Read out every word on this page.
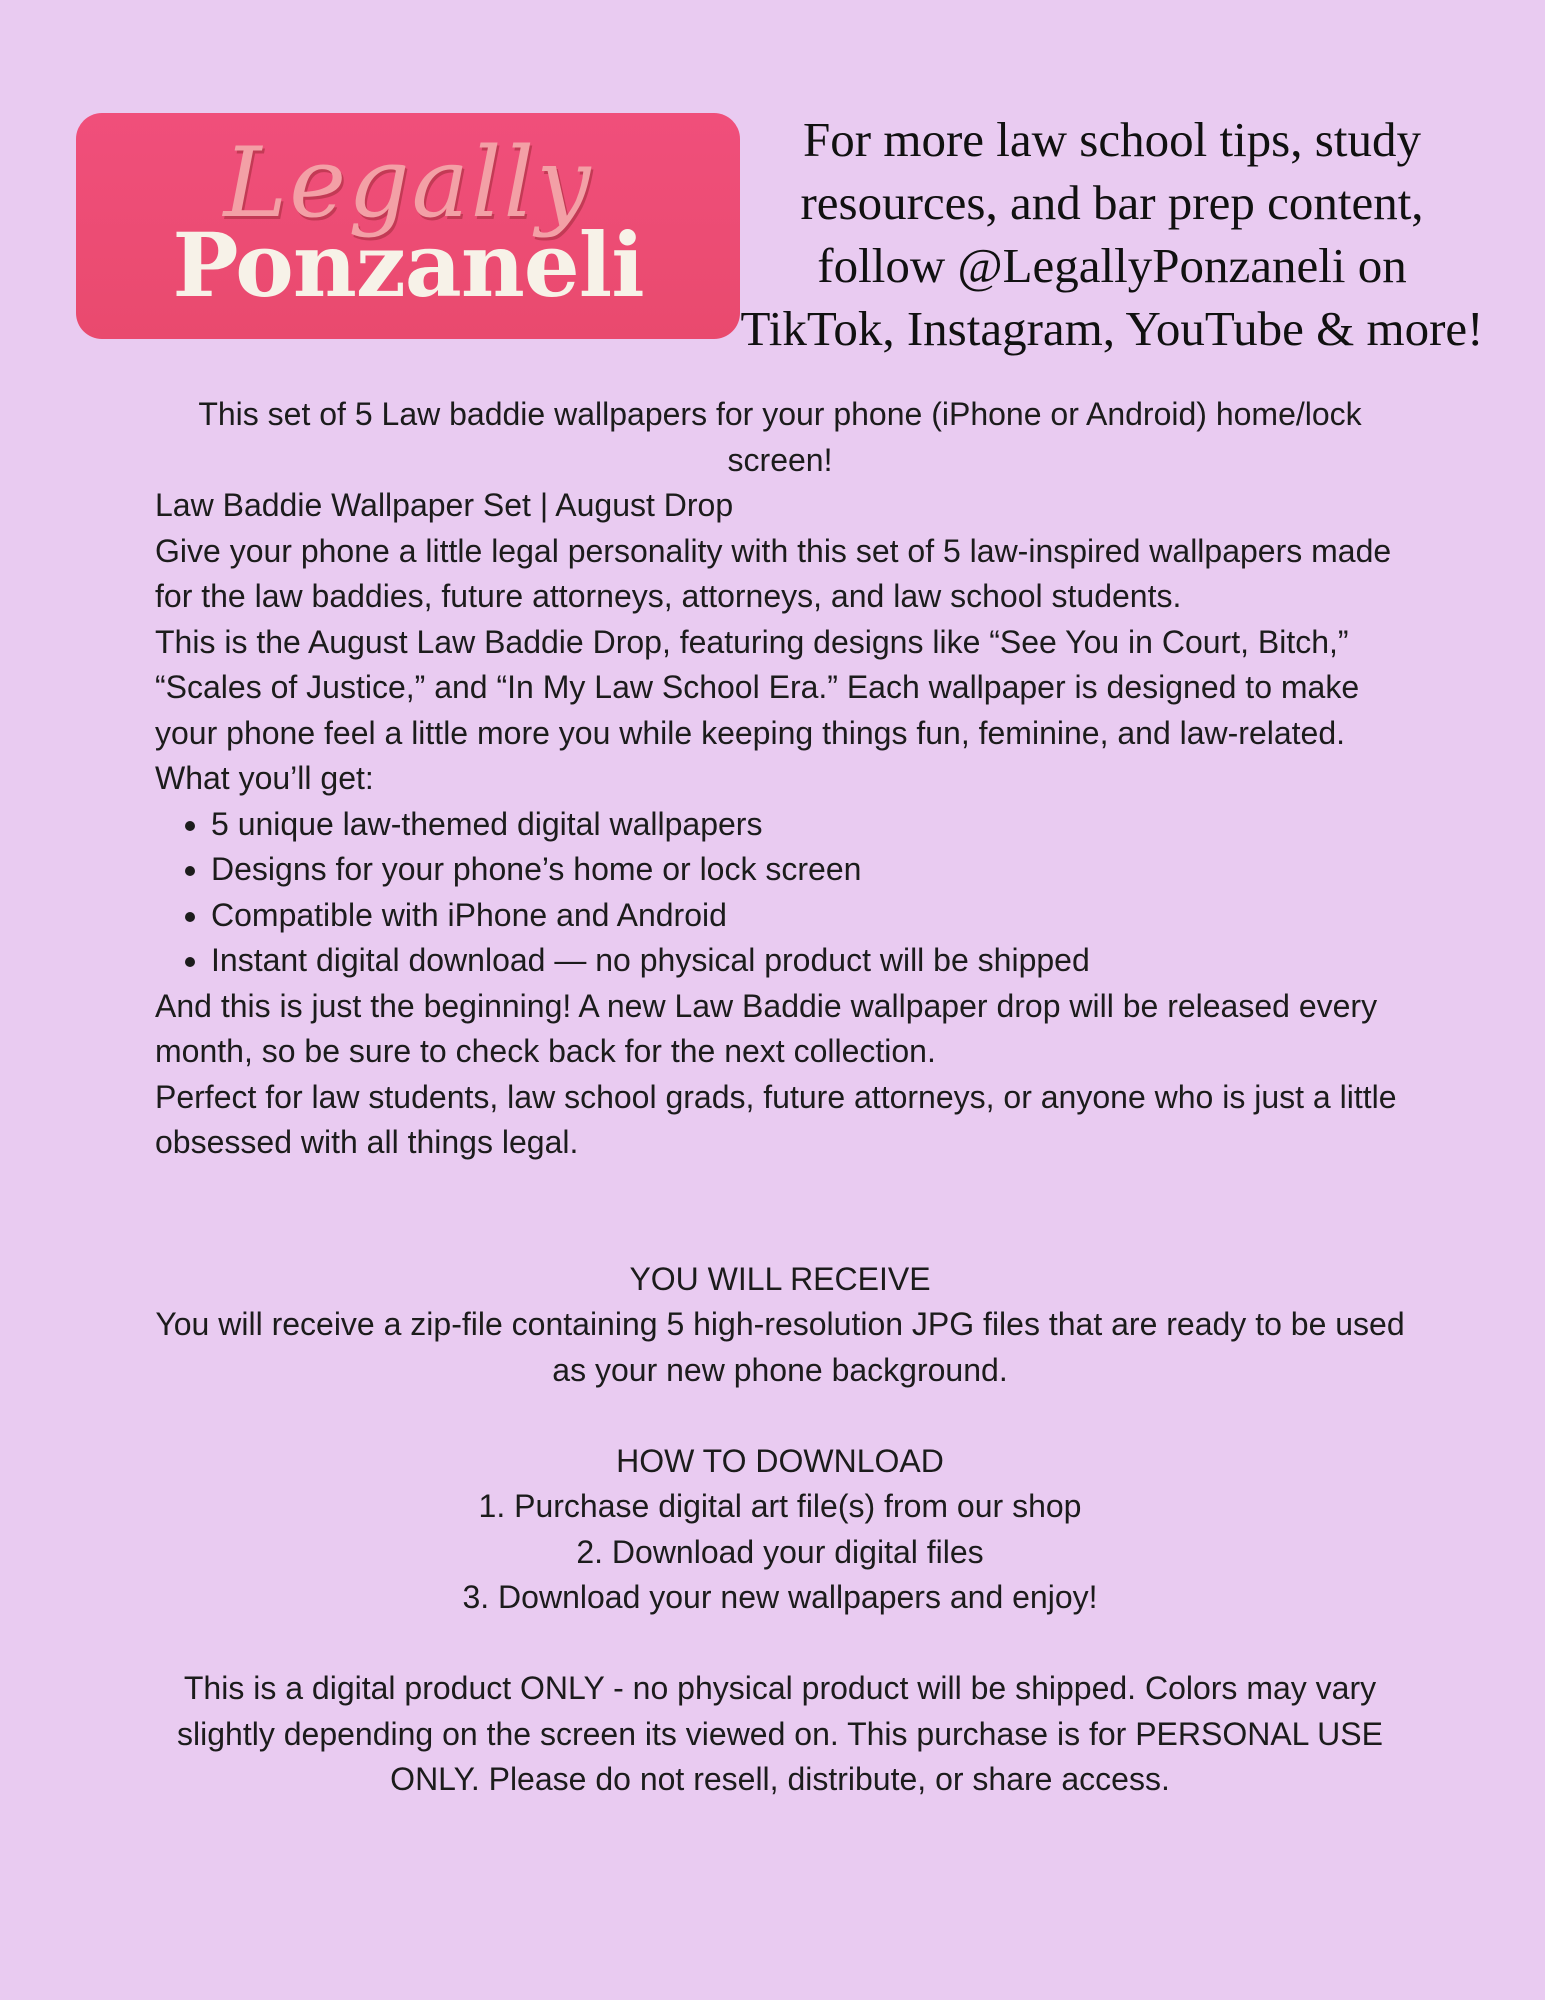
Legally
Ponzaneli
For more law school tips, study resources, and bar prep content, follow @LegallyPonzaneli on TikTok, Instagram, YouTube & more!

This set of 5 Law baddie wallpapers for your phone (iPhone or Android) home/lock screen!

Law Baddie Wallpaper Set | August Drop

Give your phone a little legal personality with this set of 5 law-inspired wallpapers made for the law baddies, future attorneys, attorneys, and law school students.

This is the August Law Baddie Drop, featuring designs like “See You in Court, Bitch,” “Scales of Justice,” and “In My Law School Era.” Each wallpaper is designed to make your phone feel a little more you while keeping things fun, feminine, and law-related.

What you’ll get:

• 5 unique law-themed digital wallpapers
• Designs for your phone’s home or lock screen
• Compatible with iPhone and Android
• Instant digital download — no physical product will be shipped

And this is just the beginning! A new Law Baddie wallpaper drop will be released every month, so be sure to check back for the next collection.

Perfect for law students, law school grads, future attorneys, or anyone who is just a little obsessed with all things legal.

YOU WILL RECEIVE

You will receive a zip-file containing 5 high-resolution JPG files that are ready to be used as your new phone background.

HOW TO DOWNLOAD

1. Purchase digital art file(s) from our shop

2. Download your digital files

3. Download your new wallpapers and enjoy!

This is a digital product ONLY - no physical product will be shipped. Colors may vary slightly depending on the screen its viewed on. This purchase is for PERSONAL USE ONLY. Please do not resell, distribute, or share access.
